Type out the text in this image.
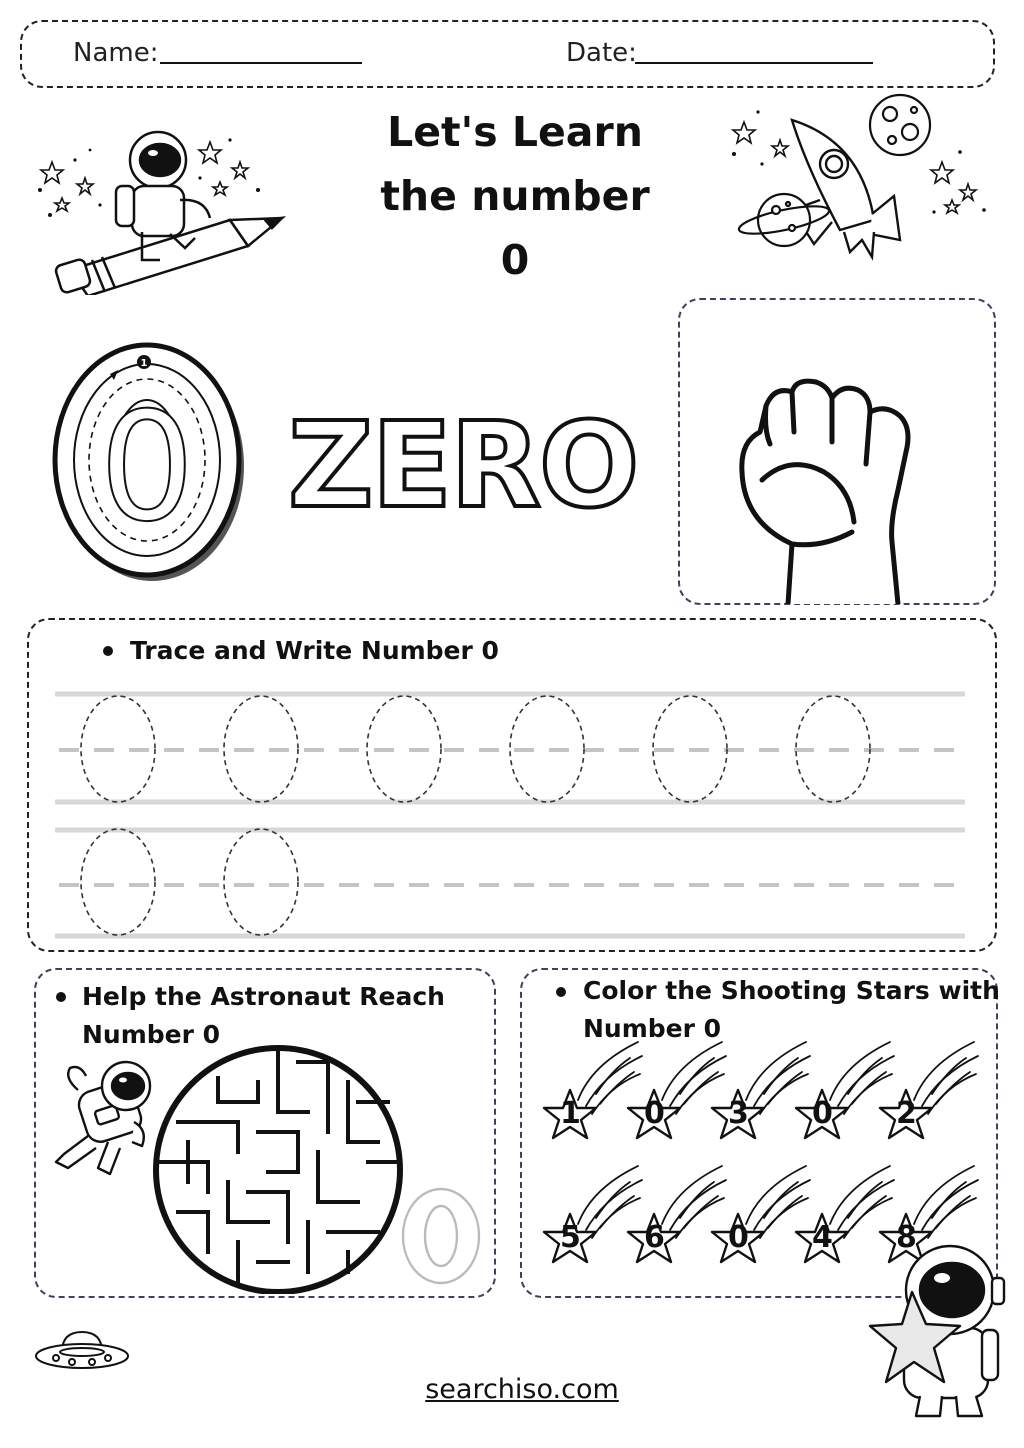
Name:	Date:
Let's Learn
the number 0
0
1
ZERO
Trace and Write Number 0
Help the Astronaut Reach
Number 0
Color the Shooting Stars with
Number 0
1 0 3 0 2
5 6 0 4 8
searchiso.com
